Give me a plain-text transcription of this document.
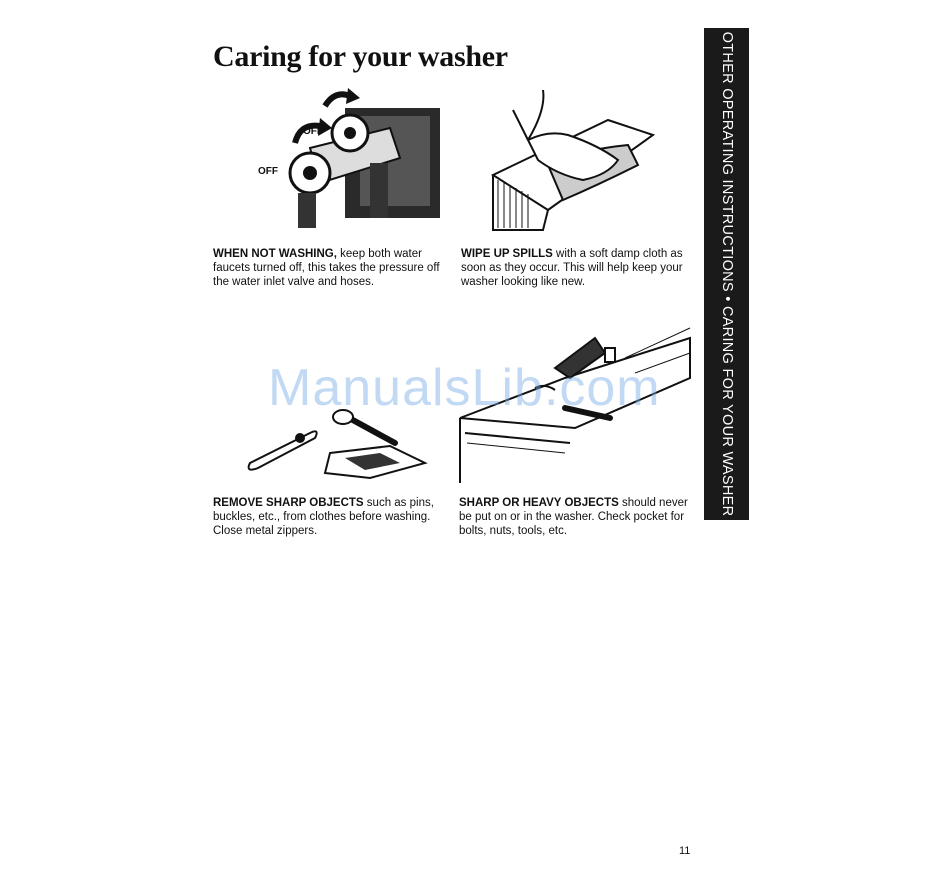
Caring for your washer	OTHER OPERATING INSTRUCTIONS • CARING FOR YOUR WASHER
OFF
OFF
ManualsLib.com
WHEN NOT WASHING, keep both water faucets turned off, this takes the pressure off the water inlet valve and hoses.
WIPE UP SPILLS with a soft damp cloth as soon as they occur. This will help keep your washer looking like new.
REMOVE SHARP OBJECTS such as pins, buckles, etc., from clothes before washing. Close metal zippers.
SHARP OR HEAVY OBJECTS should never be put on or in the washer. Check pocket for bolts, nuts, tools, etc.
11
